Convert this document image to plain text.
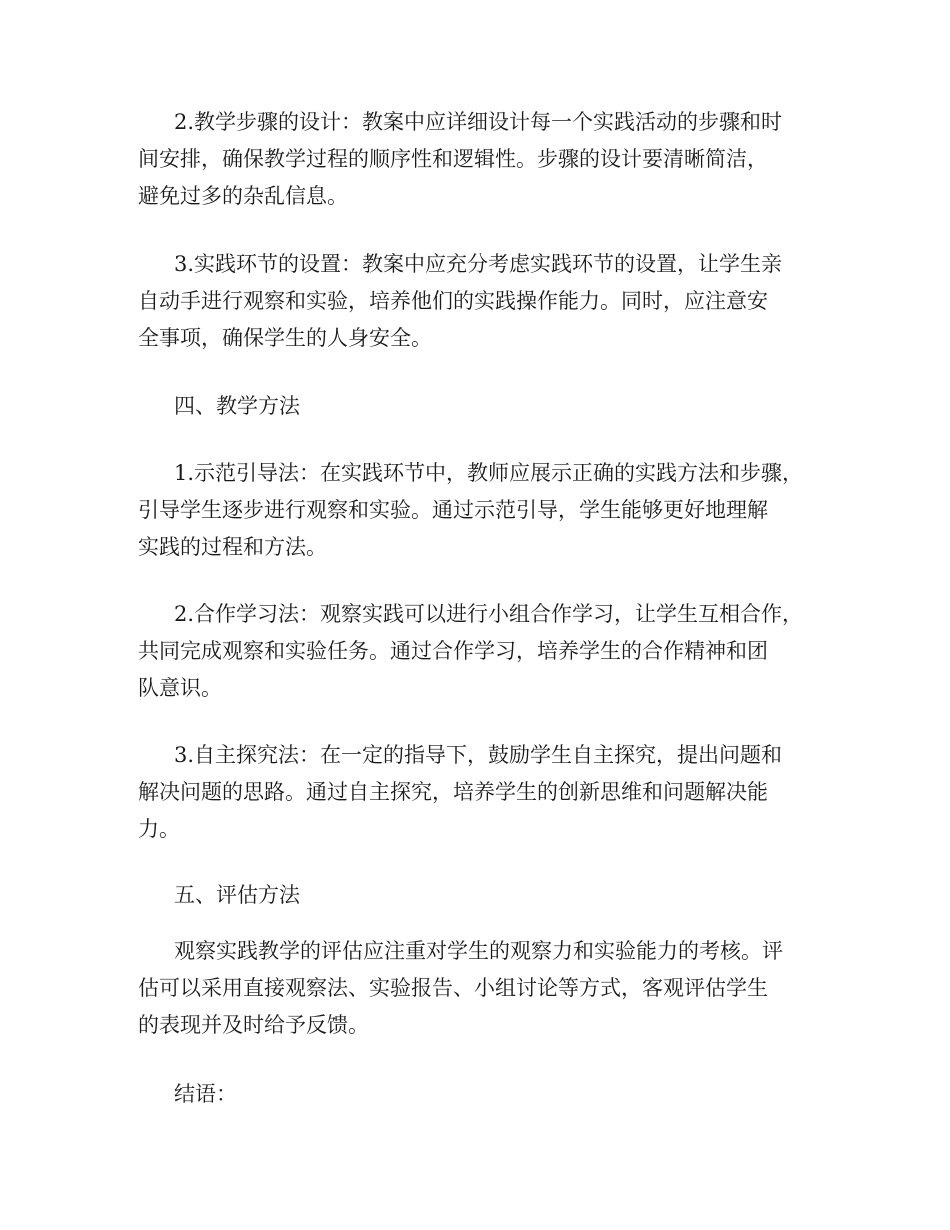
2.教学步骤的设计：教案中应详细设计每一个实践活动的步骤和时
间安排，确保教学过程的顺序性和逻辑性。步骤的设计要清晰简洁，
避免过多的杂乱信息。
3.实践环节的设置：教案中应充分考虑实践环节的设置，让学生亲
自动手进行观察和实验，培养他们的实践操作能力。同时，应注意安
全事项，确保学生的人身安全。
四、教学方法
1.示范引导法：在实践环节中，教师应展示正确的实践方法和步骤，
引导学生逐步进行观察和实验。通过示范引导，学生能够更好地理解
实践的过程和方法。
2.合作学习法：观察实践可以进行小组合作学习，让学生互相合作，
共同完成观察和实验任务。通过合作学习，培养学生的合作精神和团
队意识。
3.自主探究法：在一定的指导下，鼓励学生自主探究，提出问题和
解决问题的思路。通过自主探究，培养学生的创新思维和问题解决能
力。
五、评估方法
观察实践教学的评估应注重对学生的观察力和实验能力的考核。评
估可以采用直接观察法、实验报告、小组讨论等方式，客观评估学生
的表现并及时给予反馈。
结语：
